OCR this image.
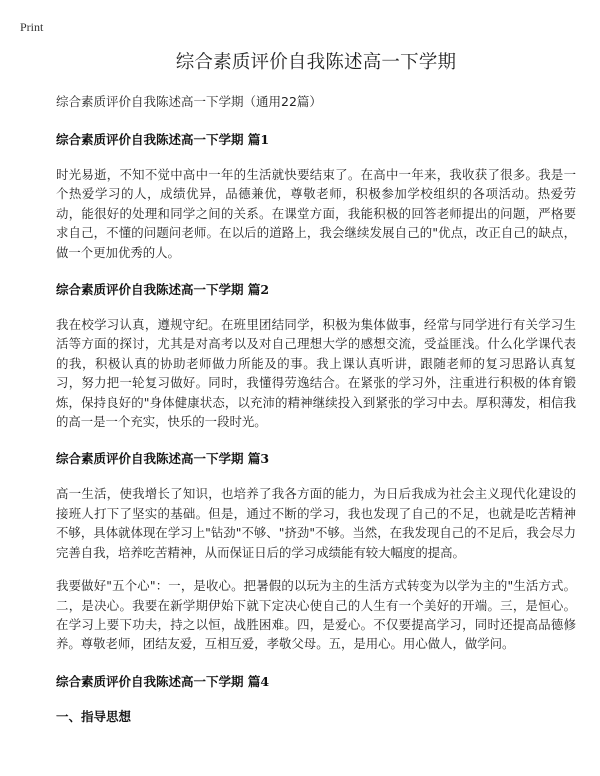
Print
综合素质评价自我陈述高一下学期

综合素质评价自我陈述高一下学期（通用22篇）

综合素质评价自我陈述高一下学期 篇1

时光易逝，不知不觉中高中一年的生活就快要结束了。在高中一年来，我收获了很多。我是一个热爱学习的人，成绩优异，品德兼优，尊敬老师，积极参加学校组织的各项活动。热爱劳动，能很好的处理和同学之间的关系。在课堂方面，我能积极的回答老师提出的问题，严格要求自己，不懂的问题问老师。在以后的道路上，我会继续发展自己的"优点，改正自己的缺点，做一个更加优秀的人。

综合素质评价自我陈述高一下学期 篇2

我在校学习认真，遵规守纪。在班里团结同学，积极为集体做事，经常与同学进行有关学习生活等方面的探讨，尤其是对高考以及对自己理想大学的感想交流，受益匪浅。什么化学课代表的我，积极认真的协助老师做力所能及的事。我上课认真听讲，跟随老师的复习思路认真复习，努力把一轮复习做好。同时，我懂得劳逸结合。在紧张的学习外，注重进行积极的体育锻炼，保持良好的"身体健康状态，以充沛的精神继续投入到紧张的学习中去。厚积薄发，相信我的高一是一个充实，快乐的一段时光。

综合素质评价自我陈述高一下学期 篇3

高一生活，使我增长了知识，也培养了我各方面的能力，为日后我成为社会主义现代化建设的接班人打下了坚实的基础。但是，通过不断的学习，我也发现了自己的不足，也就是吃苦精神不够，具体就体现在学习上"钻劲"不够、"挤劲"不够。当然，在我发现自己的不足后，我会尽力完善自我，培养吃苦精神，从而保证日后的学习成绩能有较大幅度的提高。

我要做好"五个心"：一，是收心。把暑假的以玩为主的生活方式转变为以学为主的"生活方式。二，是决心。我要在新学期伊始下就下定决心使自己的人生有一个美好的开端。三，是恒心。在学习上要下功夫，持之以恒，战胜困难。四，是爱心。不仅要提高学习，同时还提高品德修养。尊敬老师，团结友爱，互相互爱，孝敬父母。五，是用心。用心做人，做学问。

综合素质评价自我陈述高一下学期 篇4

一、指导思想
